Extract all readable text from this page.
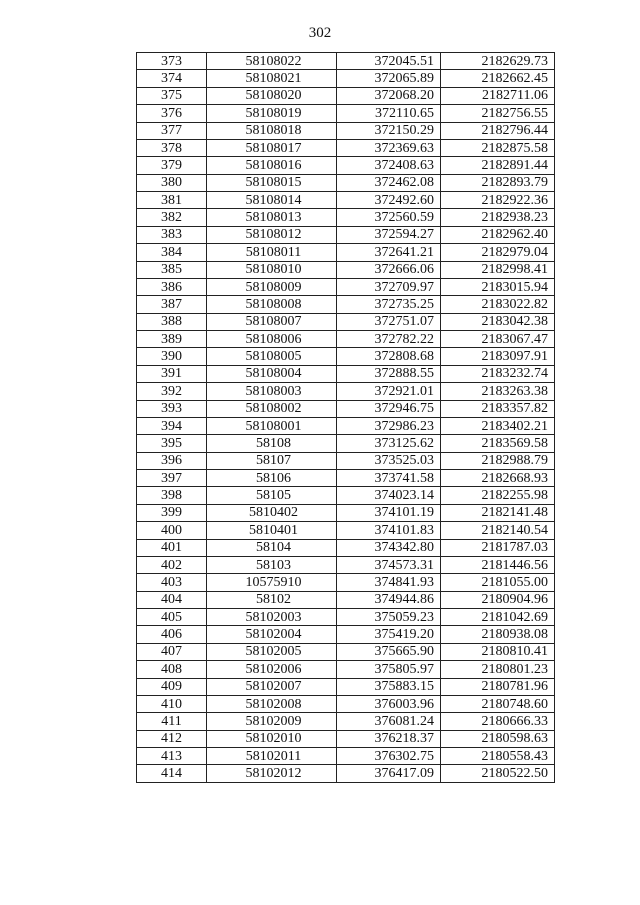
302
373	58108022	372045.51	2182629.73
374	58108021	372065.89	2182662.45
375	58108020	372068.20	2182711.06
376	58108019	372110.65	2182756.55
377	58108018	372150.29	2182796.44
378	58108017	372369.63	2182875.58
379	58108016	372408.63	2182891.44
380	58108015	372462.08	2182893.79
381	58108014	372492.60	2182922.36
382	58108013	372560.59	2182938.23
383	58108012	372594.27	2182962.40
384	58108011	372641.21	2182979.04
385	58108010	372666.06	2182998.41
386	58108009	372709.97	2183015.94
387	58108008	372735.25	2183022.82
388	58108007	372751.07	2183042.38
389	58108006	372782.22	2183067.47
390	58108005	372808.68	2183097.91
391	58108004	372888.55	2183232.74
392	58108003	372921.01	2183263.38
393	58108002	372946.75	2183357.82
394	58108001	372986.23	2183402.21
395	58108	373125.62	2183569.58
396	58107	373525.03	2182988.79
397	58106	373741.58	2182668.93
398	58105	374023.14	2182255.98
399	5810402	374101.19	2182141.48
400	5810401	374101.83	2182140.54
401	58104	374342.80	2181787.03
402	58103	374573.31	2181446.56
403	10575910	374841.93	2181055.00
404	58102	374944.86	2180904.96
405	58102003	375059.23	2181042.69
406	58102004	375419.20	2180938.08
407	58102005	375665.90	2180810.41
408	58102006	375805.97	2180801.23
409	58102007	375883.15	2180781.96
410	58102008	376003.96	2180748.60
411	58102009	376081.24	2180666.33
412	58102010	376218.37	2180598.63
413	58102011	376302.75	2180558.43
414	58102012	376417.09	2180522.50
